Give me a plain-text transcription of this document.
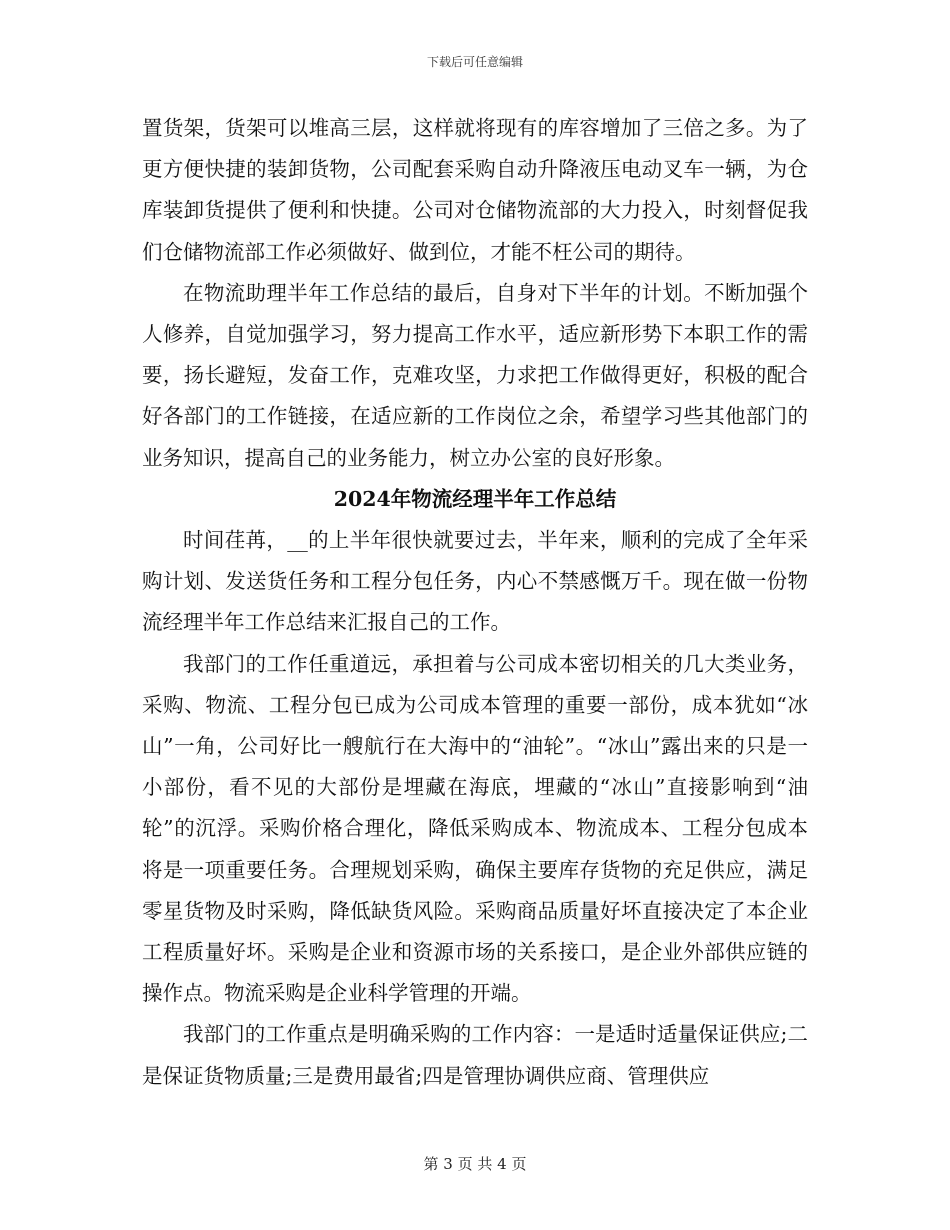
下载后可任意编辑

置货架，货架可以堆高三层，这样就将现有的库容增加了三倍之多。为了更方便快捷的装卸货物，公司配套采购自动升降液压电动叉车一辆，为仓库装卸货提供了便利和快捷。公司对仓储物流部的大力投入，时刻督促我们仓储物流部工作必须做好、做到位，才能不枉公司的期待。

在物流助理半年工作总结的最后，自身对下半年的计划。不断加强个人修养，自觉加强学习，努力提高工作水平，适应新形势下本职工作的需要，扬长避短，发奋工作，克难攻坚，力求把工作做得更好，积极的配合好各部门的工作链接，在适应新的工作岗位之余，希望学习些其他部门的业务知识，提高自己的业务能力，树立办公室的良好形象。

2024年物流经理半年工作总结

时间荏苒，__的上半年很快就要过去，半年来，顺利的完成了全年采购计划、发送货任务和工程分包任务，内心不禁感慨万千。现在做一份物流经理半年工作总结来汇报自己的工作。

我部门的工作任重道远，承担着与公司成本密切相关的几大类业务，采购、物流、工程分包已成为公司成本管理的重要一部份，成本犹如“冰山”一角，公司好比一艘航行在大海中的“油轮”。“冰山”露出来的只是一小部份，看不见的大部份是埋藏在海底，埋藏的“冰山”直接影响到“油轮”的沉浮。采购价格合理化，降低采购成本、物流成本、工程分包成本将是一项重要任务。合理规划采购，确保主要库存货物的充足供应，满足零星货物及时采购，降低缺货风险。采购商品质量好坏直接决定了本企业工程质量好坏。采购是企业和资源市场的关系接口，是企业外部供应链的操作点。物流采购是企业科学管理的开端。

我部门的工作重点是明确采购的工作内容：一是适时适量保证供应;二是保证货物质量;三是费用最省;四是管理协调供应商、管理供应

第 3 页 共 4 页
